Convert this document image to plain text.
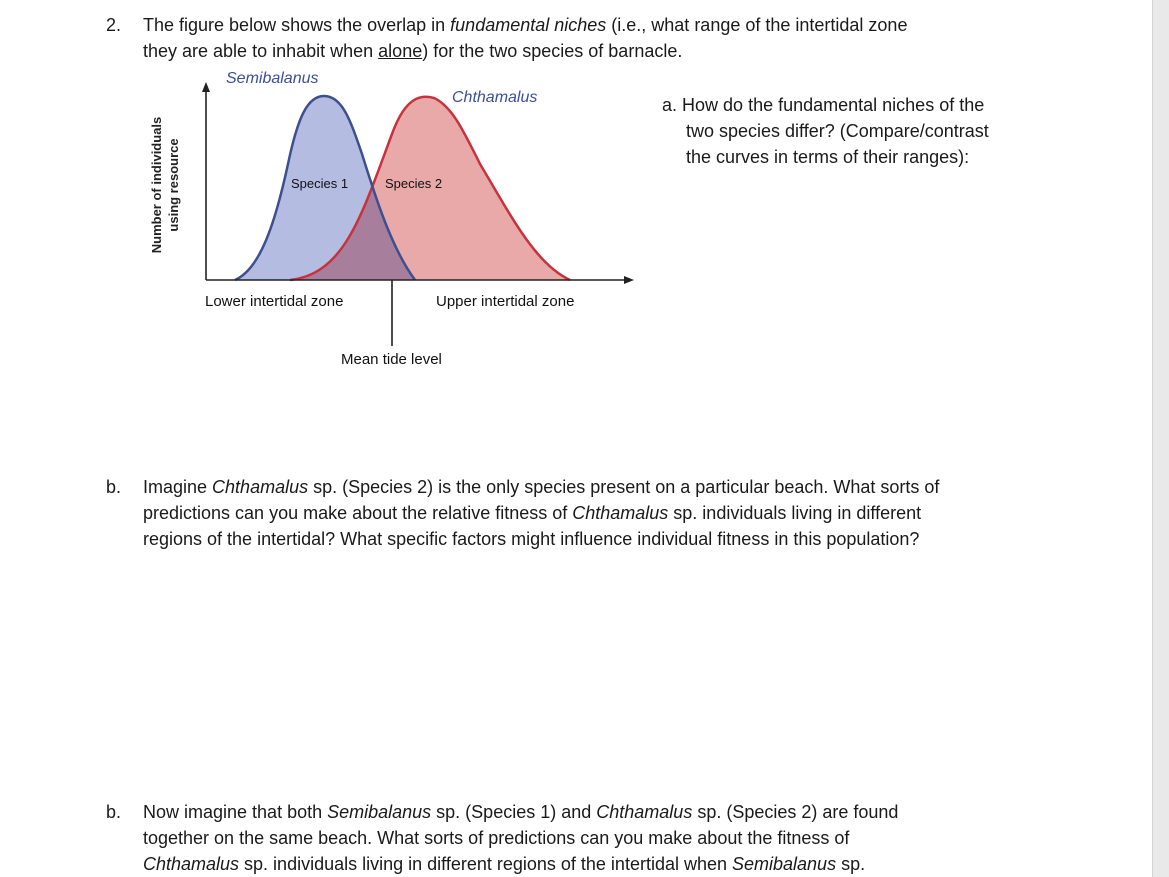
2. The figure below shows the overlap in fundamental niches (i.e., what range of the intertidal zone
they are able to inhabit when alone) for the two species of barnacle.
Semibalanus
Chthamalus
Number of individuals using resource	Species 1	Species 2
Lower intertidal zone	Upper intertidal zone
Mean tide level
a. How do the fundamental niches of the
two species differ? (Compare/contrast
the curves in terms of their ranges):
b. Imagine Chthamalus sp. (Species 2) is the only species present on a particular beach. What sorts of
predictions can you make about the relative fitness of Chthamalus sp. individuals living in different
regions of the intertidal? What specific factors might influence individual fitness in this population?
b. Now imagine that both Semibalanus sp. (Species 1) and Chthamalus sp. (Species 2) are found
together on the same beach. What sorts of predictions can you make about the fitness of
Chthamalus sp. individuals living in different regions of the intertidal when Semibalanus sp.
